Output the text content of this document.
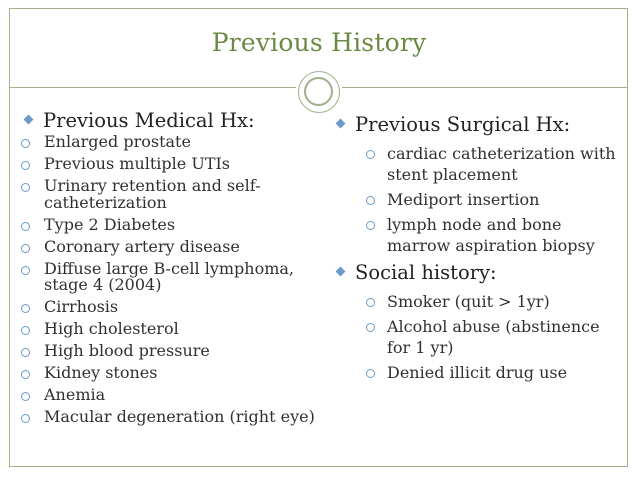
Previous History
Previous Medical Hx:
Enlarged prostate
Previous multiple UTIs
Urinary retention and self-catheterization
Type 2 Diabetes
Coronary artery disease
Diffuse large B-cell lymphoma, stage 4 (2004)
Cirrhosis
High cholesterol
High blood pressure
Kidney stones
Anemia
Macular degeneration (right eye)
Previous Surgical Hx:
cardiac catheterization with stent placement
Mediport insertion
lymph node and bone marrow aspiration biopsy
Social history:
Smoker (quit > 1yr)
Alcohol abuse (abstinence for 1 yr)
Denied illicit drug use
